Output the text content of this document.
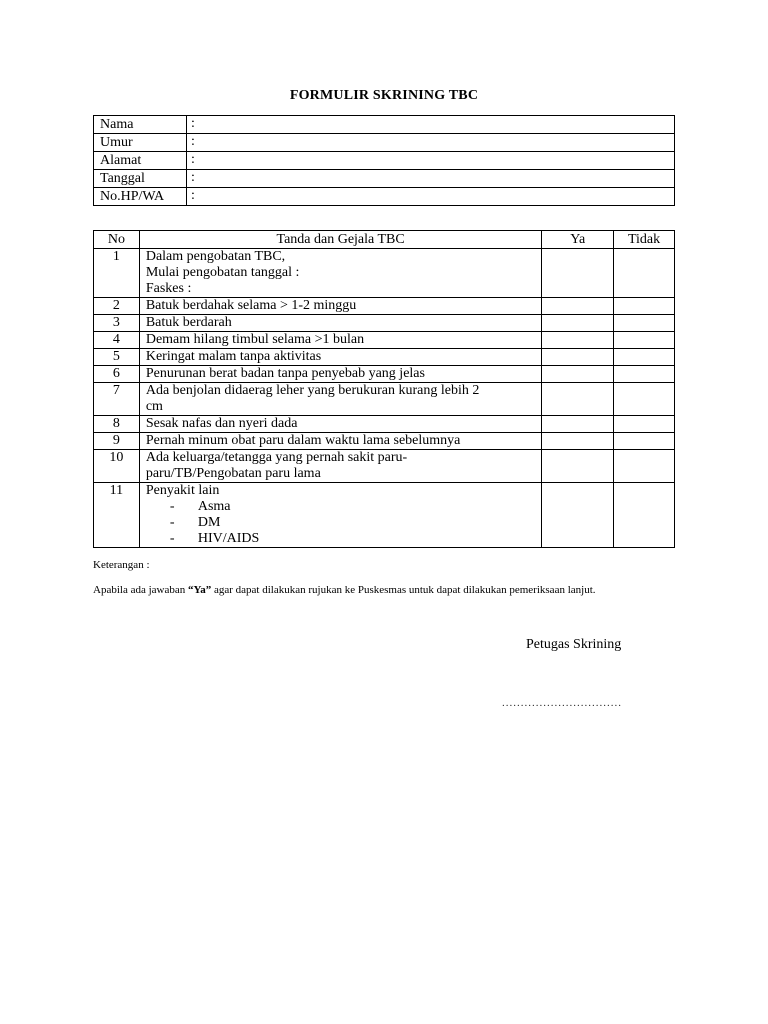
FORMULIR SKRINING TBC
Nama	:
Umur	:
Alamat	:
Tanggal	:
No.HP/WA	:
No	Tanda dan Gejala TBC	Ya	Tidak
1	Dalam pengobatan TBC,
Mulai pengobatan tanggal :
Faskes :		

2	Batuk berdahak selama > 1-2 minggu		

3	Batuk berdarah		

4	Demam hilang timbul selama >1 bulan		

5	Keringat malam tanpa aktivitas		

6	Penurunan berat badan tanpa penyebab yang jelas		

7	Ada benjolan didaerag leher yang berukuran kurang lebih 2
cm		

8	Sesak nafas dan nyeri dada		

9	Pernah minum obat paru dalam waktu lama sebelumnya		

10	Ada keluarga/tetangga yang pernah sakit paru-
paru/TB/Pengobatan paru lama		

11	Penyakit lain
- Asma
- DM
- HIV/AIDS		

Keterangan :
Apabila ada jawaban “Ya” agar dapat dilakukan rujukan ke Puskesmas untuk dapat dilakukan pemeriksaan lanjut.
Petugas Skrining
................................
